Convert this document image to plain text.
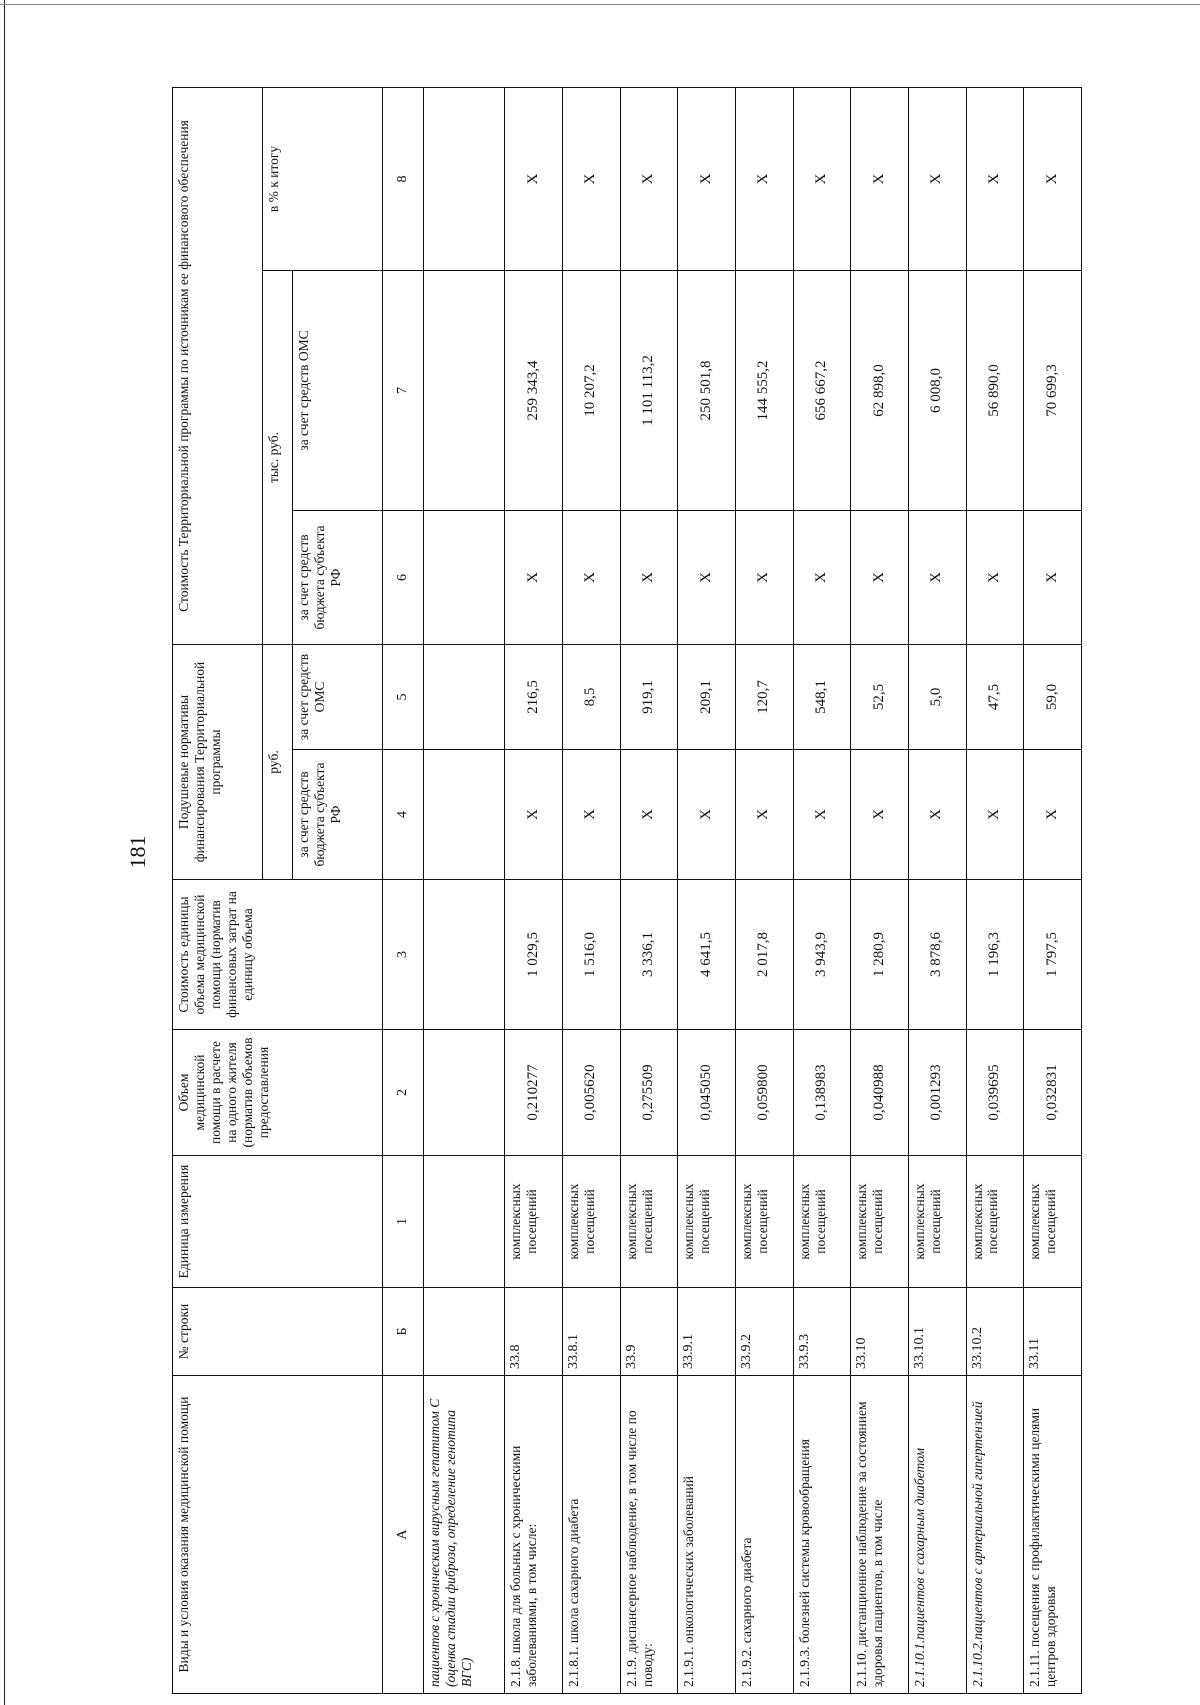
181
Виды и условия оказания медицинской помощи	№ строки	Единица измерения	Объем медицинской помощи в расчете на одного жителя (норматив объемов предоставления	Стоимость единицы объема медицинской помощи (норматив финансовых затрат на единицу объема	Подушевые нормативы финансирования Территориальной программы		Стоимость Территориальной программы по источникам ее финансового обеспечения		
					руб.		тыс. руб.		в % к итогу
					за счет средств бюджета субъекта РФ	за счет средств ОМС	за счет средств бюджета субъекта РФ	за счет средств ОМС	
А	Б	1	2	3	4	5	6	7	8
пациентов с хроническим вирусным гепатитом С (оценка стадии фиброза, определение генотипа ВГС)									
2.1.8. школа для больных с хроническими заболеваниями, в том числе:	33.8	комплексных посещений	0,210277	1 029,5	X	216,5	X	259 343,4	X
2.1.8.1. школа сахарного диабета	33.8.1	комплексных посещений	0,005620	1 516,0	X	8,5	X	10 207,2	X
2.1.9. диспансерное наблюдение, в том числе по поводу:	33.9	комплексных посещений	0,275509	3 336,1	X	919,1	X	1 101 113,2	X
2.1.9.1. онкологических заболеваний	33.9.1	комплексных посещений	0,045050	4 641,5	X	209,1	X	250 501,8	X
2.1.9.2. сахарного диабета	33.9.2	комплексных посещений	0,059800	2 017,8	X	120,7	X	144 555,2	X
2.1.9.3. болезней системы кровообращения	33.9.3	комплексных посещений	0,138983	3 943,9	X	548,1	X	656 667,2	X
2.1.10. дистанционное наблюдение за состоянием здоровья пациентов, в том числе	33.10	комплексных посещений	0,040988	1 280,9	X	52,5	X	62 898,0	X
2.1.10.1.пациентов с сахарным диабетом	33.10.1	комплексных посещений	0,001293	3 878,6	X	5,0	X	6 008,0	X
2.1.10.2.пациентов с артериальной гипертензией	33.10.2	комплексных посещений	0,039695	1 196,3	X	47,5	X	56 890,0	X
2.1.11. посещения с профилактическими целями центров здоровья	33.11	комплексных посещений	0,032831	1 797,5	X	59,0	X	70 699,3	X
